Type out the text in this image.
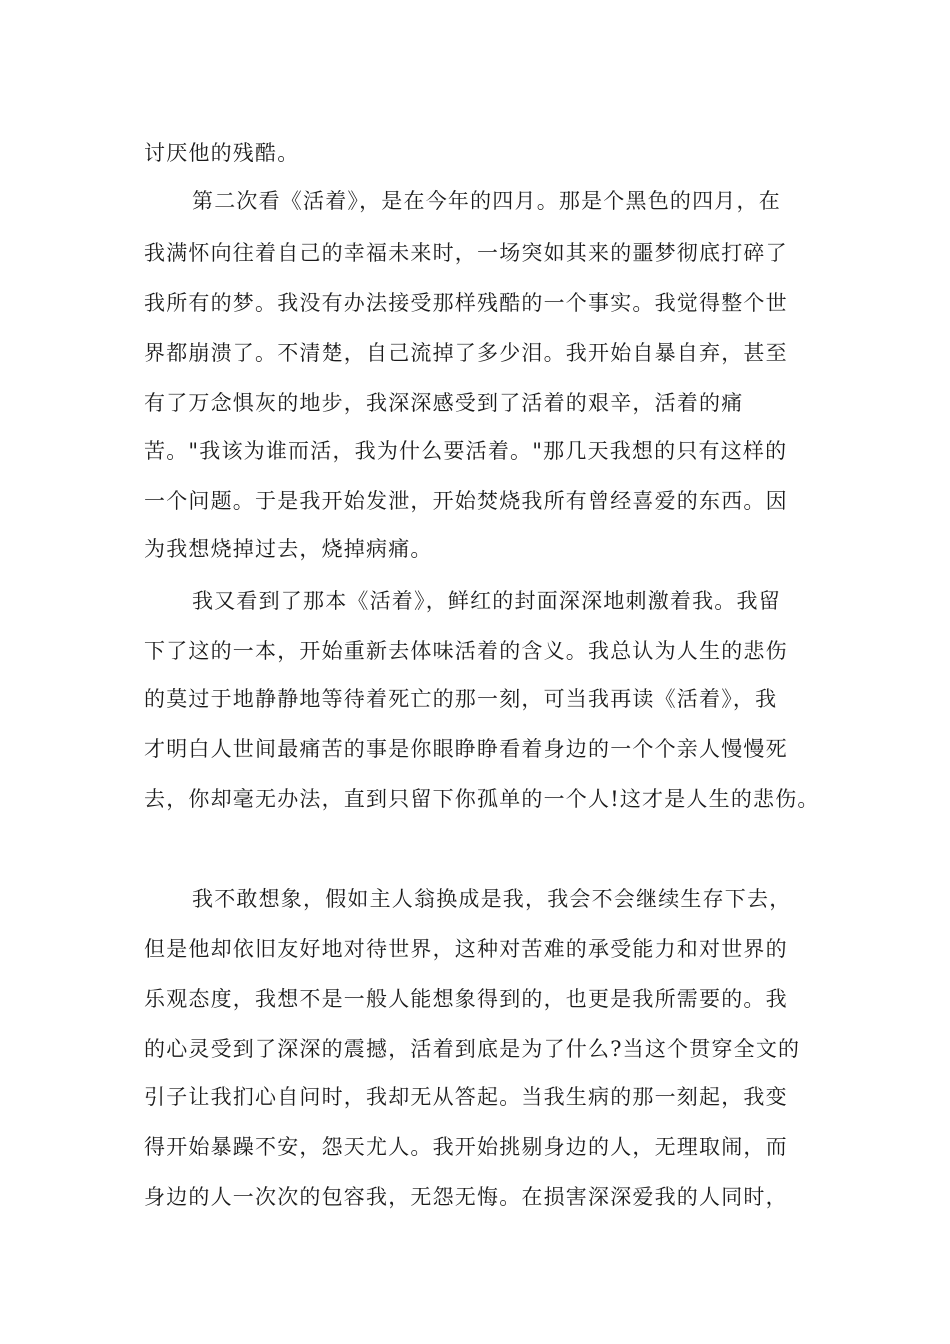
讨厌他的残酷。
第二次看《活着》，是在今年的四月。那是个黑色的四月，在
我满怀向往着自己的幸福未来时，一场突如其来的噩梦彻底打碎了
我所有的梦。我没有办法接受那样残酷的一个事实。我觉得整个世
界都崩溃了。不清楚，自己流掉了多少泪。我开始自暴自弃，甚至
有了万念惧灰的地步，我深深感受到了活着的艰辛，活着的痛
苦。"我该为谁而活，我为什么要活着。"那几天我想的只有这样的
一个问题。于是我开始发泄，开始焚烧我所有曾经喜爱的东西。因
为我想烧掉过去，烧掉病痛。
我又看到了那本《活着》，鲜红的封面深深地刺激着我。我留
下了这的一本，开始重新去体味活着的含义。我总认为人生的悲伤
的莫过于地静静地等待着死亡的那一刻，可当我再读《活着》，我
才明白人世间最痛苦的事是你眼睁睁看着身边的一个个亲人慢慢死
去，你却毫无办法，直到只留下你孤单的一个人!这才是人生的悲伤。
我不敢想象，假如主人翁换成是我，我会不会继续生存下去，
但是他却依旧友好地对待世界，这种对苦难的承受能力和对世界的
乐观态度，我想不是一般人能想象得到的，也更是我所需要的。我
的心灵受到了深深的震撼，活着到底是为了什么?当这个贯穿全文的
引子让我扪心自问时，我却无从答起。当我生病的那一刻起，我变
得开始暴躁不安，怨天尤人。我开始挑剔身边的人，无理取闹，而
身边的人一次次的包容我，无怨无悔。在损害深深爱我的人同时，
